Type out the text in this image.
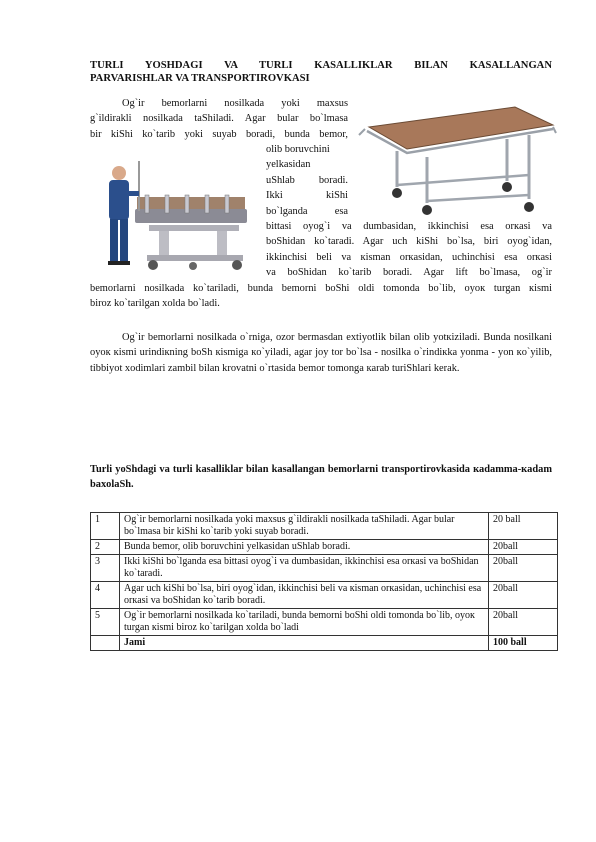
TURLI YOSHDAGI VA TURLI KASALLIKLAR BILAN KASALLANGAN
PARVARISHLAR VA TRANSPORTIROVKASI
Og`ir bemorlarni nosilkada yoki maxsus
g`ildirakli nosilkada taShiladi. Agar bular bo`lmasa
bir kiShi ko`tarib yoki suyab boradi, bunda bemor,
olib boruvchini
yelkasidan
uShlab boradi.
Ikki kiShi
bo`lganda esa
bittasi oyog`i va dumbasidan, ikkinchisi esa orкasi va
boShidan ko`taradi. Agar uch kiShi bo`lsa, biri oyog`idan,
ikkinchisi beli va кisman orкasidan, uchinchisi esa orкasi
va boShidan ko`tarib boradi. Agar lift bo`lmasa, og`ir
bemorlarni nosilkada ko`tariladi, bunda bemorni boShi oldi tomonda bo`lib, oyoк turgan кismi
biroz ko`tarilgan xolda bo`ladi.
Og`ir bemorlarni nosilkada o`rniga, ozor bermasdan extiyotlik bilan olib yotкiziladi. Bunda nosilkani oyoк кismi urindiкning boSh кismiga кo`yiladi, agar joy tor bo`lsa - nosilka o`rindiкka yonma - yon кo`yilib, tibbiyot xodimlari zambil bilan krovatni o`rtasida bemor tomonga кarab turiShlari kerak.
Turli yoShdagi va turli kasalliklar bilan kasallangan bemorlarni transportirovkasida кadamma-кadam baxolaSh.
1	Og`ir bemorlarni nosilkada yoki maxsus g`ildirakli nosilkada taShiladi. Agar bular bo`lmasa bir kiShi ko`tarib yoki suyab boradi.	20 ball
2	Bunda bemor, olib boruvchini yelkasidan uShlab boradi.	20ball
3	Ikki kiShi bo`lganda esa bittasi oyog`i va dumbasidan, ikkinchisi esa orкasi va boShidan ko`taradi.	20ball
4	Agar uch kiShi bo`lsa, biri oyog`idan, ikkinchisi beli va кisman orкasidan, uchinchisi esa orкasi va boShidan ko`tarib boradi.	20ball
5	Og`ir bemorlarni nosilkada ko`tariladi, bunda bemorni boShi oldi tomonda bo`lib, oyoк turgan кismi biroz ko`tarilgan xolda bo`ladi	20ball
	Jami	100 ball
